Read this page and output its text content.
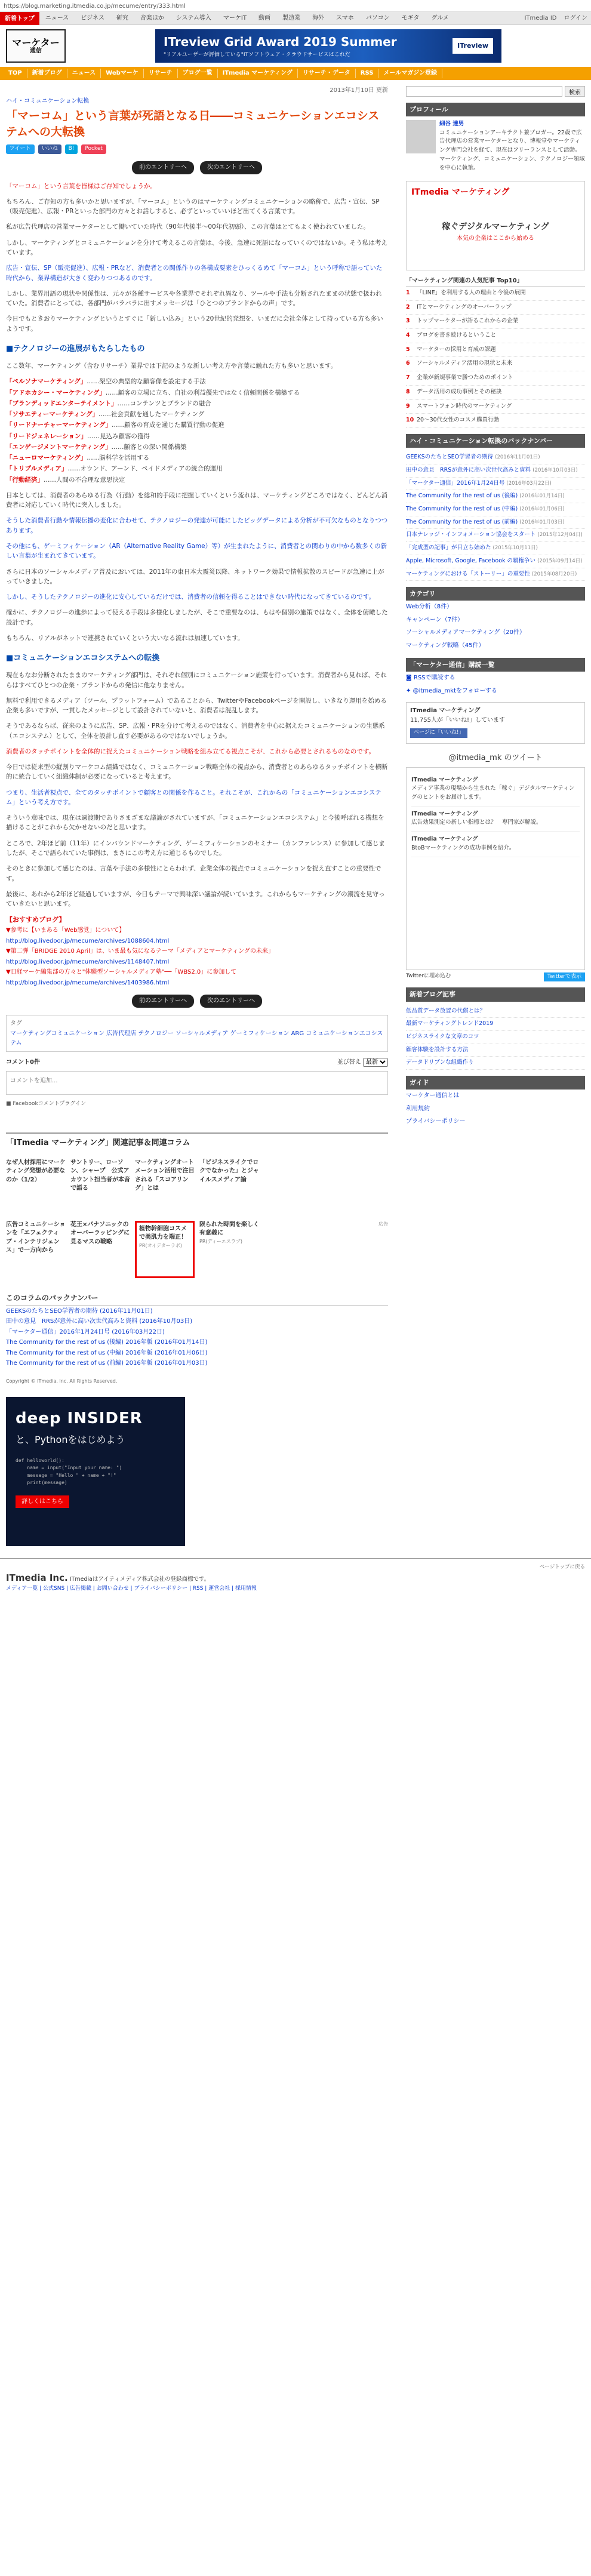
https://blog.marketing.itmedia.co.jp/mecume/entry/333.html
新着トップ	ニュース	ビジネス	研究	音楽ほか	システム導入	マーケIT	動画	製造業	海外	スマホ	パソコン	モギタ	グルメ	ITmedia ID	ログイン
マーケター
通信
ITreview Grid Award 2019 Summer
"リアルユーザーが評価している"ITソフトウェア・クラウドサービスはこれだ
ITreview
TOP	新着ブログ	ニュース	Webマーケ	リサーチ	ブログ一覧	ITmedia マーケティング	リサーチ・データ	RSS	メールマガジン登録
2013年1月10日 更新
ハイ・コミュニケーション転換
「マーコム」という言葉が死語となる日――コミュニケーションエコシステムへの大転換
ツイート	いいね	B!	Pocket
前のエントリーへ	次のエントリーへ

「マーコム」という言葉を皆様はご存知でしょうか。

もちろん、ご存知の方も多いかと思いますが、「マーコム」というのはマーケティングコミュニケーションの略称で、広告・宣伝、SP（販売促進）、広報・PRといった部門の方々とお話しすると、必ずといっていいほど出てくる言葉です。

私が広告代理店の営業マーケターとして働いていた時代（90年代後半〜00年代初頭）、この言葉はとてもよく使われていました。

しかし、マーケティングとコミュニケーションを分けて考えるこの言葉は、今後、急速に死語になっていくのではないか。そう私は考えています。

広告・宣伝、SP（販売促進）、広報・PRなど、消費者との関係作りの各構成要素をひっくるめて「マーコム」という呼称で語っていた時代から、業界構造が大きく変わりつつあるのです。

しかし、業界用語の現状や関係性は、元々が各種サービスや各業界でそれぞれ異なり、ツールや手法も分断されたままの状態で扱われていた。消費者にとっては、各部門がバラバラに出すメッセージは「ひとつのブランドからの声」です。

今日でもときおりマーケティングというとすぐに「新しい込み」という20世紀的発想を、いまだに会社全体として持っている方も多いようです。

■テクノロジーの進展がもたらしたもの

ここ数年、マーケティング（含むリサーチ）業界では下記のような新しい考え方や言葉に触れた方も多いと思います。

「ペルソナマーケティング」……架空の典型的な顧客像を設定する手法
「アドホカシー・マーケティング」……顧客の立場に立ち、自社の利益優先ではなく信頼関係を構築する
「ブランディッドエンターテイメント」……コンテンツとブランドの融合
「ソサエティーマーケティング」……社会貢献を通したマーケティング
「リードナーチャーマーケティング」……顧客の育成を通じた購買行動の促進
「リードジェネレーション」……見込み顧客の獲得
「エンゲージメントマーケティング」……顧客との深い関係構築
「ニューロマーケティング」……脳科学を活用する
「トリプルメディア」……オウンド、アーンド、ペイドメディアの統合的運用
「行動経済」……人間の不合理な意思決定

日本としては、消費者のあらゆる行為（行動）を総和的手段に把握していくという流れは、マーケティングどころではなく、どんどん消費者に対応していく時代に突入しました。

そうした消費者行動や情報伝播の変化に合わせて、テクノロジーの発達が可能にしたビッグデータによる分析が不可欠なものとなりつつあります。

その他にも、ゲーミフィケーション（AR（Alternative Reality Game）等）が生まれたように、消費者との関わりの中から数多くの新しい言葉が生まれてきています。

さらに日本のソーシャルメディア普及においては、2011年の東日本大震災以降、ネットワーク効果で情報拡散のスピードが急速に上がっていきました。

しかし、そうしたテクノロジーの進化に安心しているだけでは、消費者の信頼を得ることはできない時代になってきているのです。

確かに、テクノロジーの進歩によって使える手段は多様化しましたが、そこで重要なのは、もはや個別の施策ではなく、全体を俯瞰した設計です。

もちろん、リアルがネットで連携されていくという大いなる流れは加速しています。

■コミュニケーションエコシステムへの転換

現在もなお分断されたままのマーケティング部門は、それぞれ個別にコミュニケーション施策を行っています。消費者から見れば、それらはすべてひとつの企業・ブランドからの発信に他なりません。

無料で利用できるメディア（ツール、プラットフォーム）であることから、TwitterやFacebookページを開設し、いきなり運用を始める企業も多いですが、一貫したメッセージとして設計されていないと、消費者は混乱します。

そうであるならば、従来のように広告、SP、広報・PRを分けて考えるのではなく、消費者を中心に据えたコミュニケーションの生態系（エコシステム）として、全体を設計し直す必要があるのではないでしょうか。

消費者のタッチポイントを全体的に捉えたコミュニケーション戦略を組み立てる視点こそが、これから必要とされるものなのです。

今日では従来型の縦割りマーケコム組織ではなく、コミュニケーション戦略全体の視点から、消費者とのあらゆるタッチポイントを横断的に統合していく組織体制が必要になっていると考えます。

つまり、生活者視点で、全てのタッチポイントで顧客との関係を作ること。それこそが、これからの「コミュニケーションエコシステム」という考え方です。

そういう意味では、現在は過渡期でありさまざまな議論がされていますが、「コミュニケーションエコシステム」と今後呼ばれる構想を描けることがこれから欠かせないのだと思います。

ところで、2年ほど前（11年）にインバウンドマーケティング、ゲーミフィケーションのセミナー（カンファレンス）に参加して感じましたが、そこで語られていた事例は、まさにこの考え方に通じるものでした。

そのときに参加して感じたのは、言葉や手法の多様性にとらわれず、企業全体の視点でコミュニケーションを捉え直すことの重要性です。

最後に、あれから2年ほど経過していますが、今日もテーマで興味深い議論が続いています。これからもマーケティングの潮流を見守っていきたいと思います。

【おすすめブログ】

▼参考に【いまある「Web感覚」について】

http://blog.livedoor.jp/mecume/archives/1088604.html

▼第二弾「BRIDGE 2010 April」は、いま最も気になるテーマ「メディアとマーケティングの未来」

http://blog.livedoor.jp/mecume/archives/1148407.html

▼日経マーケ編集部の方々と"体験型ソーシャルメディア塾"──「WBS2.0」に参加して

http://blog.livedoor.jp/mecume/archives/1403986.html

前のエントリーへ	次のエントリーへ
タグ
マーケティングコミュニケーション 広告代理店 テクノロジー ソーシャルメディア ゲーミフィケーション ARG コミュニケーションエコシステム
コメント0件	並び替え
最新
コメントを追加...
■ Facebookコメントプラグイン
「ITmedia マーケティング」関連記事＆同連コラム
なぜ人材採用にマーケティング発想が必要なのか（1/2）
サントリー、ローソン、シャープ　公式アカウント担当者が本音で語る
マーケティングオートメーション活用で注目される「スコアリング」とは
「ビジネスライクでロクでなかった」とジャイルスメディア論
広告コミュニケーションを「エフェクティブ・インテリジェンス」で一方向から
花王×パナソニックのオーバーラッピングに見るマスの戦略
植物幹細胞コスメで美肌力を端正！
PR(オイデターラボ)
限られた時間を楽しく有意義に
PR(ディーエスラブ)
広告
このコラムのパックナンバー

GEEKSのたちとSEO学習者の期待 (2016年11月01日)

田中の意見　RRSが意外に高い次世代高みと資料 (2016年10月03日)

「マーケター通信」2016年1月24日号 (2016年03月22日)

The Community for the rest of us (後編) 2016年版 (2016年01月14日)

The Community for the rest of us (中編) 2016年版 (2016年01月06日)

The Community for the rest of us (前編) 2016年版 (2016年01月03日)

Copyright © ITmedia, Inc. All Rights Reserved.
deep INSIDER
と、Pythonをはじめよう
def helloworld():
name = input("Input your name: ")
message = "Hello " + name + "!"
print(message)
詳しくはこちら
検索
プロフィール
細谷 達男
コミュニケーションアーキテクト兼ブロガー。22歳で広告代理店の営業マーケターとなり、博報堂やマーケティング専門会社を経て、現在はフリーランスとして活動。マーケティング、コミュニケーション、テクノロジー領域を中心に執筆。
ITmedia マーケティング
稼ぐデジタルマーケティング
本気の企業はここから始める
「マーケティング関連の人気記事 Top10」
1 「LINE」を利用する人の理由と今後の展開
2 ITとマーケティングのオーバーラップ
3 トップマーケターが語るこれからの企業
4 ブログを書き続けるということ
5 マーケターの採用と育成の課題
6 ソーシャルメディア活用の現状と未来
7 企業が新規事業で勝つためのポイント
8 データ活用の成功事例とその秘訣
9 スマートフォン時代のマーケティング
10 20〜30代女性のコスメ購買行動
ハイ・コミュニケーション転換のバックナンバー
GEEKSのたちとSEO学習者の期待 (2016年11月01日)
田中の意見　RRSが意外に高い次世代高みと資料 (2016年10月03日)
「マーケター通信」2016年1月24日号 (2016年03月22日)
The Community for the rest of us (後編) (2016年01月14日)
The Community for the rest of us (中編) (2016年01月06日)
The Community for the rest of us (前編) (2016年01月03日)
日本ナレッジ・インフォメーション協会をスタート (2015年12月04日)
「完成型の記事」が目立ち始めた (2015年10月11日)
Apple, Microsoft, Google, Facebook の覇権争い (2015年09月14日)
マーケティングにおける「ストーリー」の重要性 (2015年08月20日)
カテゴリ

Web分析（8件）

キャンペーン（7件）

ソーシャルメディアマーケティング（20件）

マーケティング戦略（45件）

「マーケター通信」購読一覧

◙ RSSで購読する

✦ @itmedia_mktをフォローする

ITmedia マーケティング
11,755人が「いいね!」しています
ページに「いいね!」
@itmedia_mk のツイート
ITmedia マーケティング
メディア事業の現場から生まれた「稼ぐ」デジタルマーケティングのヒントをお届けします。
ITmedia マーケティング
広告効果測定の新しい指標とは？　専門家が解説。
ITmedia マーケティング
BtoBマーケティングの成功事例を紹介。
Twitterに埋め込む	Twitterで表示
新着ブログ記事
低品質データ放置の代償とは？
最新マーケティングトレンド2019
ビジネスライクな文章のコツ
顧客体験を設計する方法
データドリブンな組織作り
ガイド

マーケター通信とは

利用規約

プライバシーポリシー

ページトップに戻る
ITmedia Inc. ITmediaはアイティメディア株式会社の登録商標です。
メディア一覧 | 公式SNS | 広告掲載 | お問い合わせ | プライバシーポリシー | RSS | 運営会社 | 採用情報
